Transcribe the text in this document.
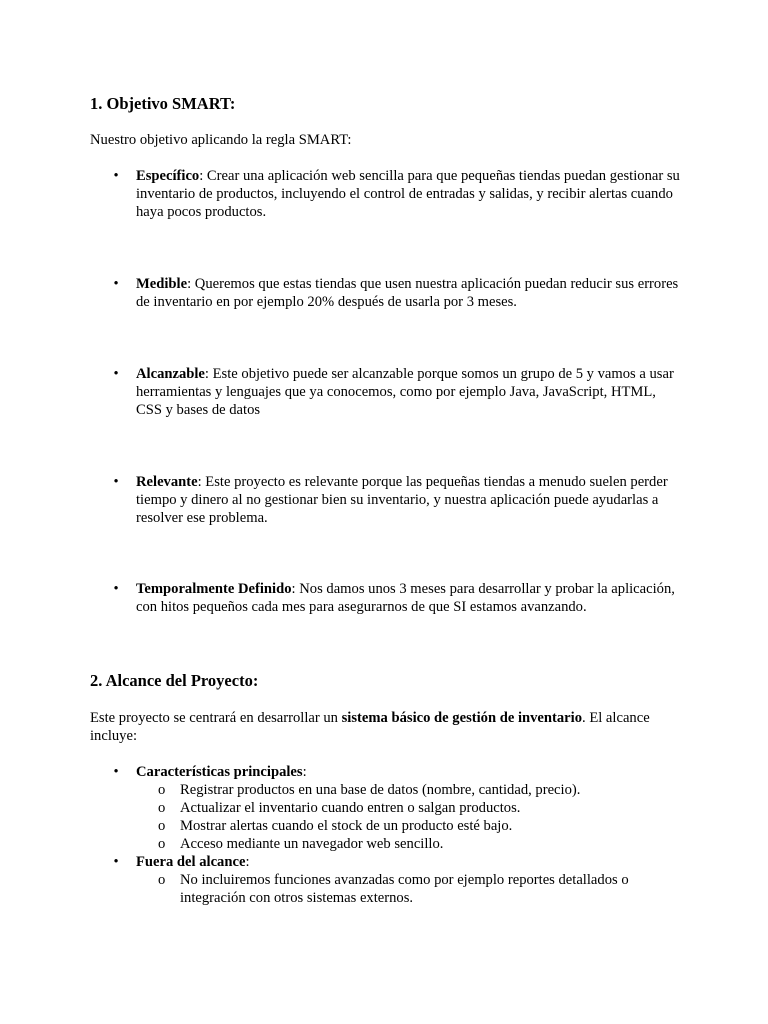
1. Objetivo SMART:

Nuestro objetivo aplicando la regla SMART:

• Específico: Crear una aplicación web sencilla para que pequeñas tiendas puedan gestionar su inventario de productos, incluyendo el control de entradas y salidas, y recibir alertas cuando haya pocos productos.
• Medible: Queremos que estas tiendas que usen nuestra aplicación puedan reducir sus errores de inventario en por ejemplo 20% después de usarla por 3 meses.
• Alcanzable: Este objetivo puede ser alcanzable porque somos un grupo de 5 y vamos a usar herramientas y lenguajes que ya conocemos, como por ejemplo Java, JavaScript, HTML, CSS y bases de datos
• Relevante: Este proyecto es relevante porque las pequeñas tiendas a menudo suelen perder tiempo y dinero al no gestionar bien su inventario, y nuestra aplicación puede ayudarlas a resolver ese problema.
• Temporalmente Definido: Nos damos unos 3 meses para desarrollar y probar la aplicación, con hitos pequeños cada mes para asegurarnos de que SI estamos avanzando.
2. Alcance del Proyecto:

Este proyecto se centrará en desarrollar un sistema básico de gestión de inventario. El alcance incluye:

• Características principales:
o Registrar productos en una base de datos (nombre, cantidad, precio).
o Actualizar el inventario cuando entren o salgan productos.
o Mostrar alertas cuando el stock de un producto esté bajo.
o Acceso mediante un navegador web sencillo.
• Fuera del alcance:
o No incluiremos funciones avanzadas como por ejemplo reportes detallados o integración con otros sistemas externos.
